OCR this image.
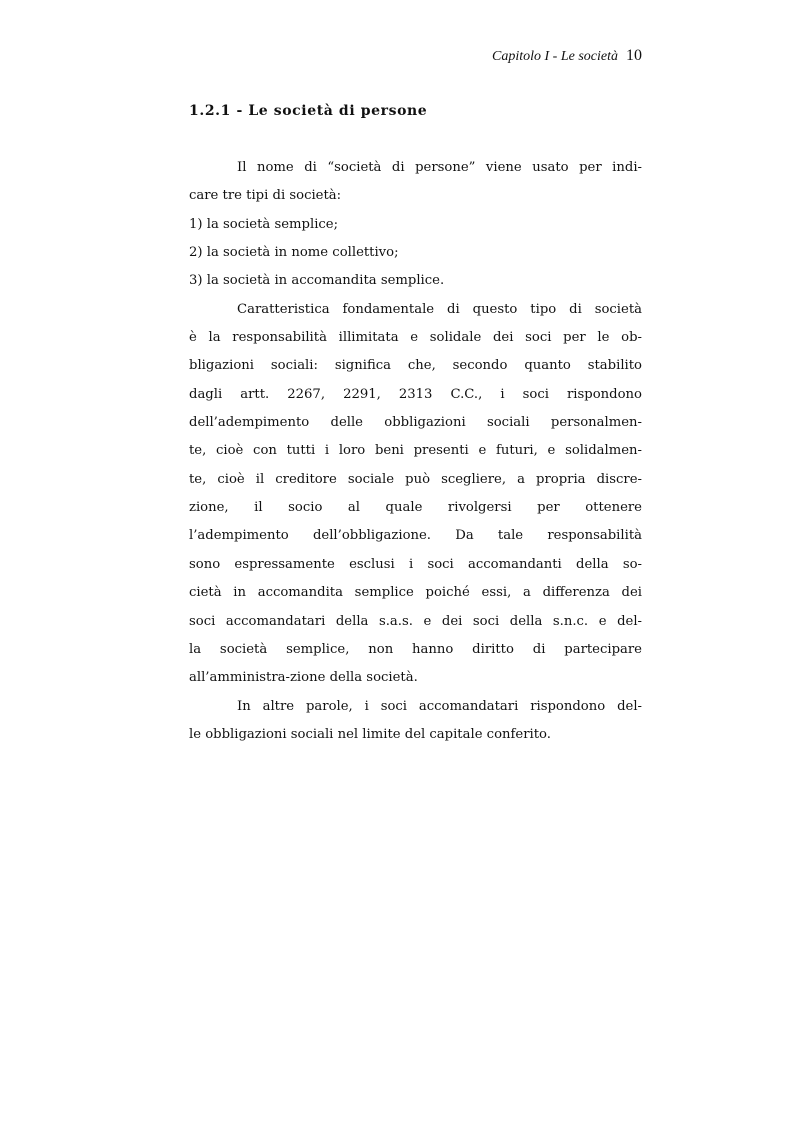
Capitolo I - Le società 10
1.2.1 - Le società di persone
Il nome di “società di persone” viene usato per indi-
care tre tipi di società:
1) la società semplice;
2) la società in nome collettivo;
3) la società in accomandita semplice.
Caratteristica fondamentale di questo tipo di società
è la responsabilità illimitata e solidale dei soci per le ob-
bligazioni sociali: significa che, secondo quanto stabilito
dagli artt. 2267, 2291, 2313 C.C., i soci rispondono
dell’adempimento delle obbligazioni sociali personalmen-
te, cioè con tutti i loro beni presenti e futuri, e solidalmen-
te, cioè il creditore sociale può scegliere, a propria discre-
zione, il socio al quale rivolgersi per ottenere
l’adempimento dell’obbligazione. Da tale responsabilità
sono espressamente esclusi i soci accomandanti della so-
cietà in accomandita semplice poiché essi, a differenza dei
soci accomandatari della s.a.s. e dei soci della s.n.c. e del-
la società semplice, non hanno diritto di partecipare
all’amministra-zione della società.
In altre parole, i soci accomandatari rispondono del-
le obbligazioni sociali nel limite del capitale conferito.
